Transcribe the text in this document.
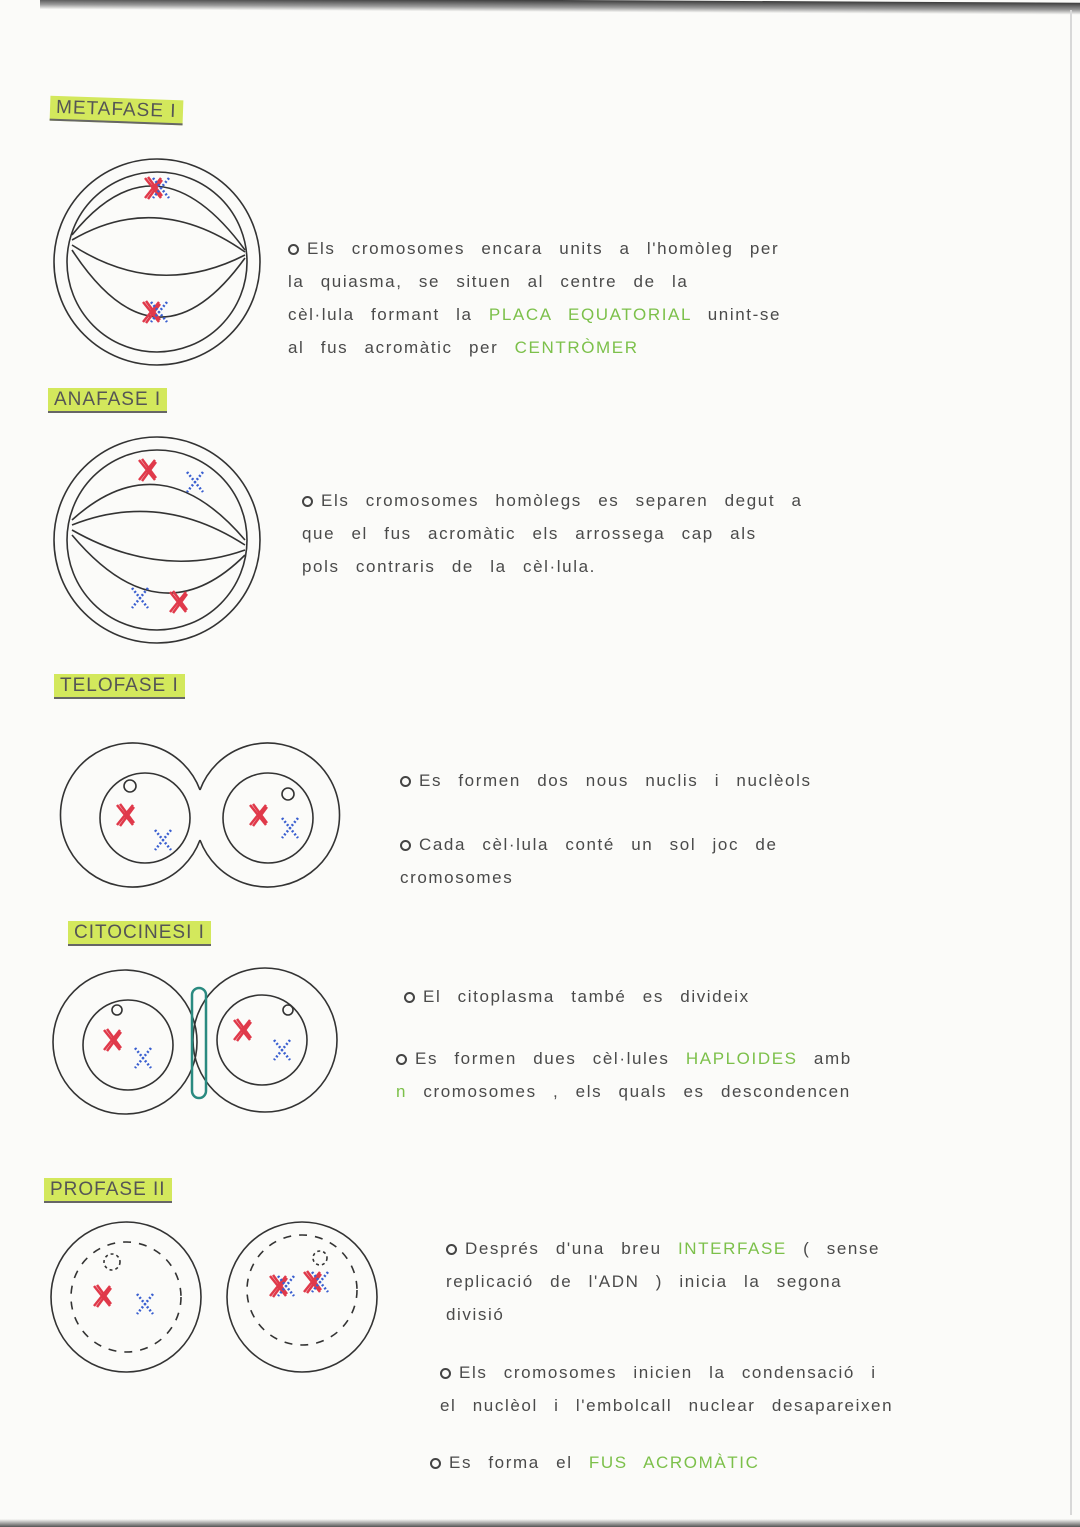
METAFASE I
ANAFASE I
TELOFASE I
CITOCINESI I
PROFASE II
Els cromosomes encara units a l'homòleg per
la quiasma, se situen al centre de la
cèl·lula formant la PLACA EQUATORIAL unint-se
al fus acromàtic per CENTRÒMER
Els cromosomes homòlegs es separen degut a
que el fus acromàtic els arrossega cap als
pols contraris de la cèl·lula.
Es formen dos nous nuclis i nuclèols
Cada cèl·lula conté un sol joc de
cromosomes
El citoplasma també es divideix
Es formen dues cèl·lules HAPLOIDES amb
n cromosomes , els quals es descondencen
Després d'una breu INTERFASE ( sense
replicació de l'ADN ) inicia la segona
divisió
Els cromosomes inicien la condensació i
el nuclèol i l'embolcall nuclear desapareixen
Es forma el FUS ACROMÀTIC
